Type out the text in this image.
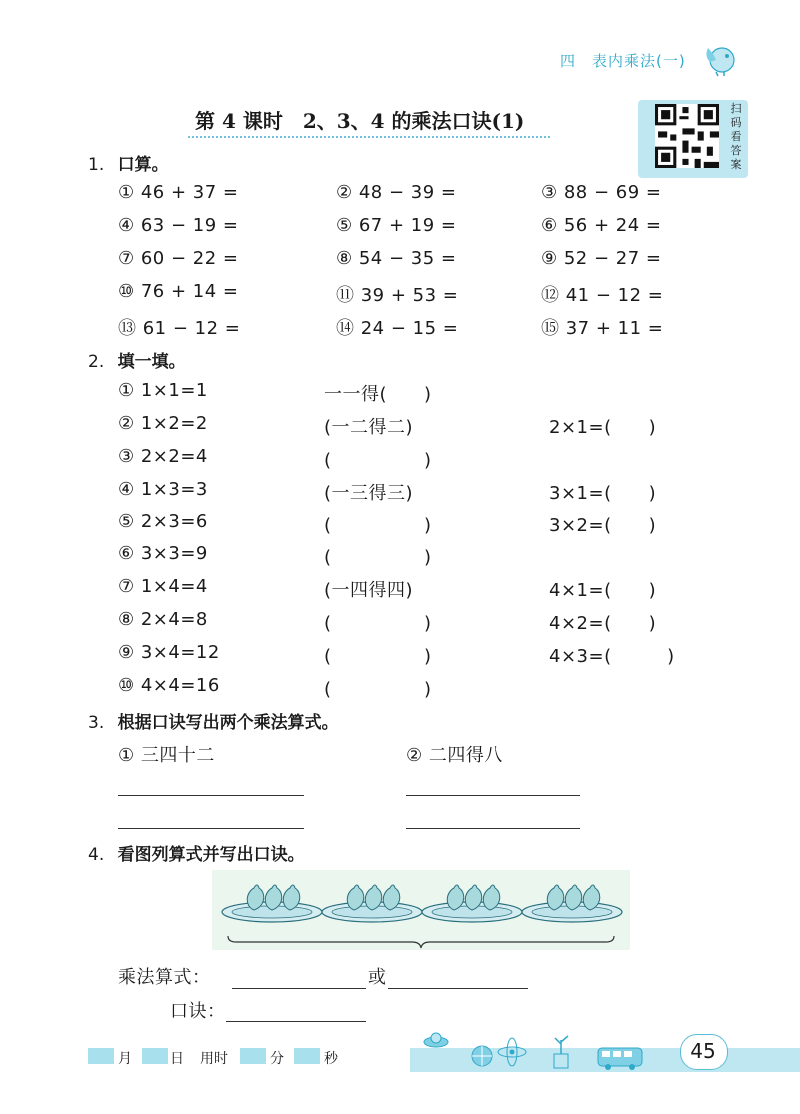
四　表内乘法(一)
扫码看答案
第 4 课时　2、3、4 的乘法口诀(1)
1. 口算。
① 46 + 37 =	② 48 − 39 =	③ 88 − 69 =
④ 63 − 19 =	⑤ 67 + 19 =	⑥ 56 + 24 =
⑦ 60 − 22 =	⑧ 54 − 35 =	⑨ 52 − 27 =
⑩ 76 + 14 =	⑪ 39 + 53 =	⑫ 41 − 12 =
⑬ 61 − 12 =	⑭ 24 − 15 =	⑮ 37 + 11 =
2. 填一填。
① 1×1=1	一一得(　　)
② 1×2=2	(一二得二)	2×1=(　　)
③ 2×2=4	(　　　　　)
④ 1×3=3	(一三得三)	3×1=(　　)
⑤ 2×3=6	(　　　　　)	3×2=(　　)
⑥ 3×3=9	(　　　　　)
⑦ 1×4=4	(一四得四)	4×1=(　　)
⑧ 2×4=8	(　　　　　)	4×2=(　　)
⑨ 3×4=12	(　　　　　)	4×3=(　　　)
⑩ 4×4=16	(　　　　　)
3. 根据口诀写出两个乘法算式。
① 三四十二	② 二四得八
4. 看图列算式并写出口诀。
乘法算式：	或
口诀：
月	日 用时	分	秒	45
